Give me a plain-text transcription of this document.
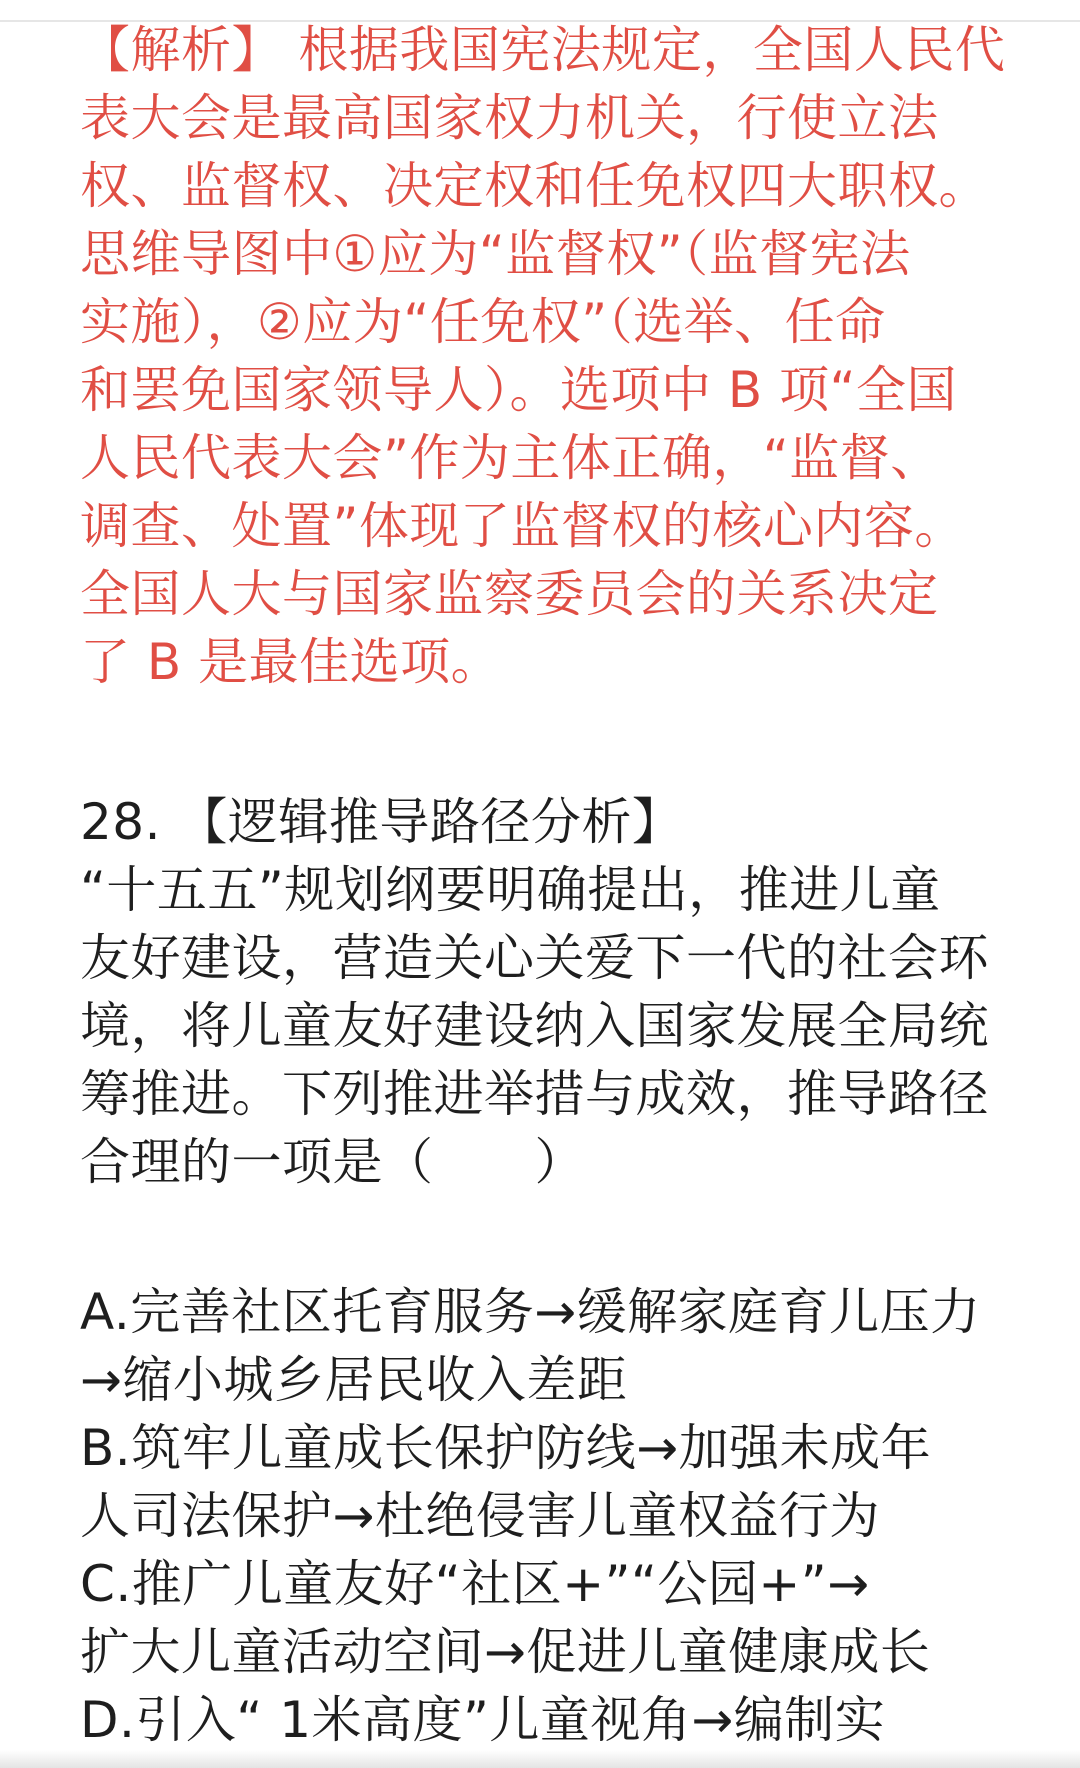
【解析】 根据我国宪法规定，全国人民代
表大会是最高国家权力机关，行使立法
权、监督权、决定权和任免权四大职权。
思维导图中①应为“监督权”（监督宪法
实施），②应为“任免权”（选举、任命
和罢免国家领导人）。选项中 B 项“全国
人民代表大会”作为主体正确，“监督、
调查、处置”体现了监督权的核心内容。
全国人大与国家监察委员会的关系决定
了 B 是最佳选项。
28. 【逻辑推导路径分析】
“十五五”规划纲要明确提出，推进儿童
友好建设，营造关心关爱下一代的社会环
境，将儿童友好建设纳入国家发展全局统
筹推进。下列推进举措与成效，推导路径
合理的一项是（　　）
A.完善社区托育服务→缓解家庭育儿压力
→缩小城乡居民收入差距
B.筑牢儿童成长保护防线→加强未成年
人司法保护→杜绝侵害儿童权益行为
C.推广儿童友好“社区+”“公园+”→
扩大儿童活动空间→促进儿童健康成长
D.引入“ 1米高度”儿童视角→编制实
